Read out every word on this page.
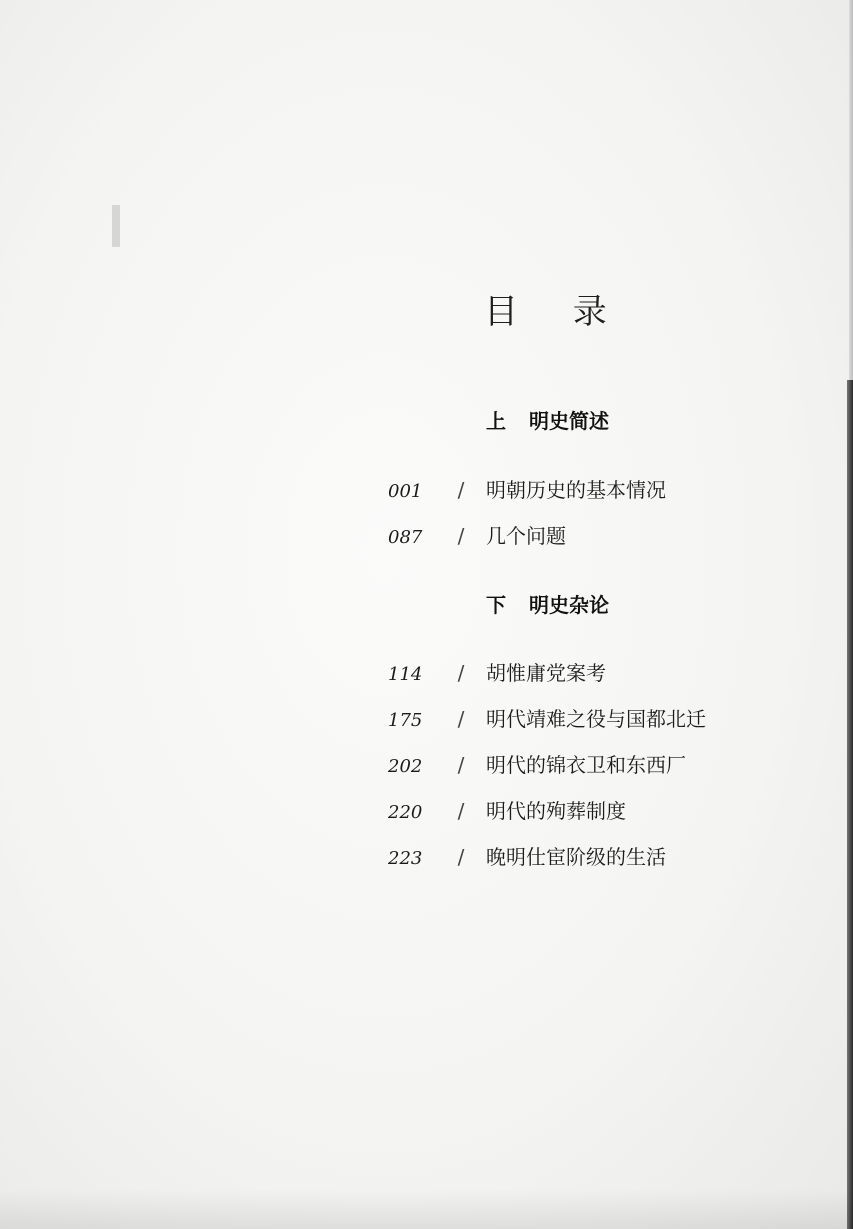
目 录
上 明史简述
001 / 明朝历史的基本情况
087 / 几个问题
下 明史杂论
114 / 胡惟庸党案考
175 / 明代靖难之役与国都北迁
202 / 明代的锦衣卫和东西厂
220 / 明代的殉葬制度
223 / 晚明仕宦阶级的生活
